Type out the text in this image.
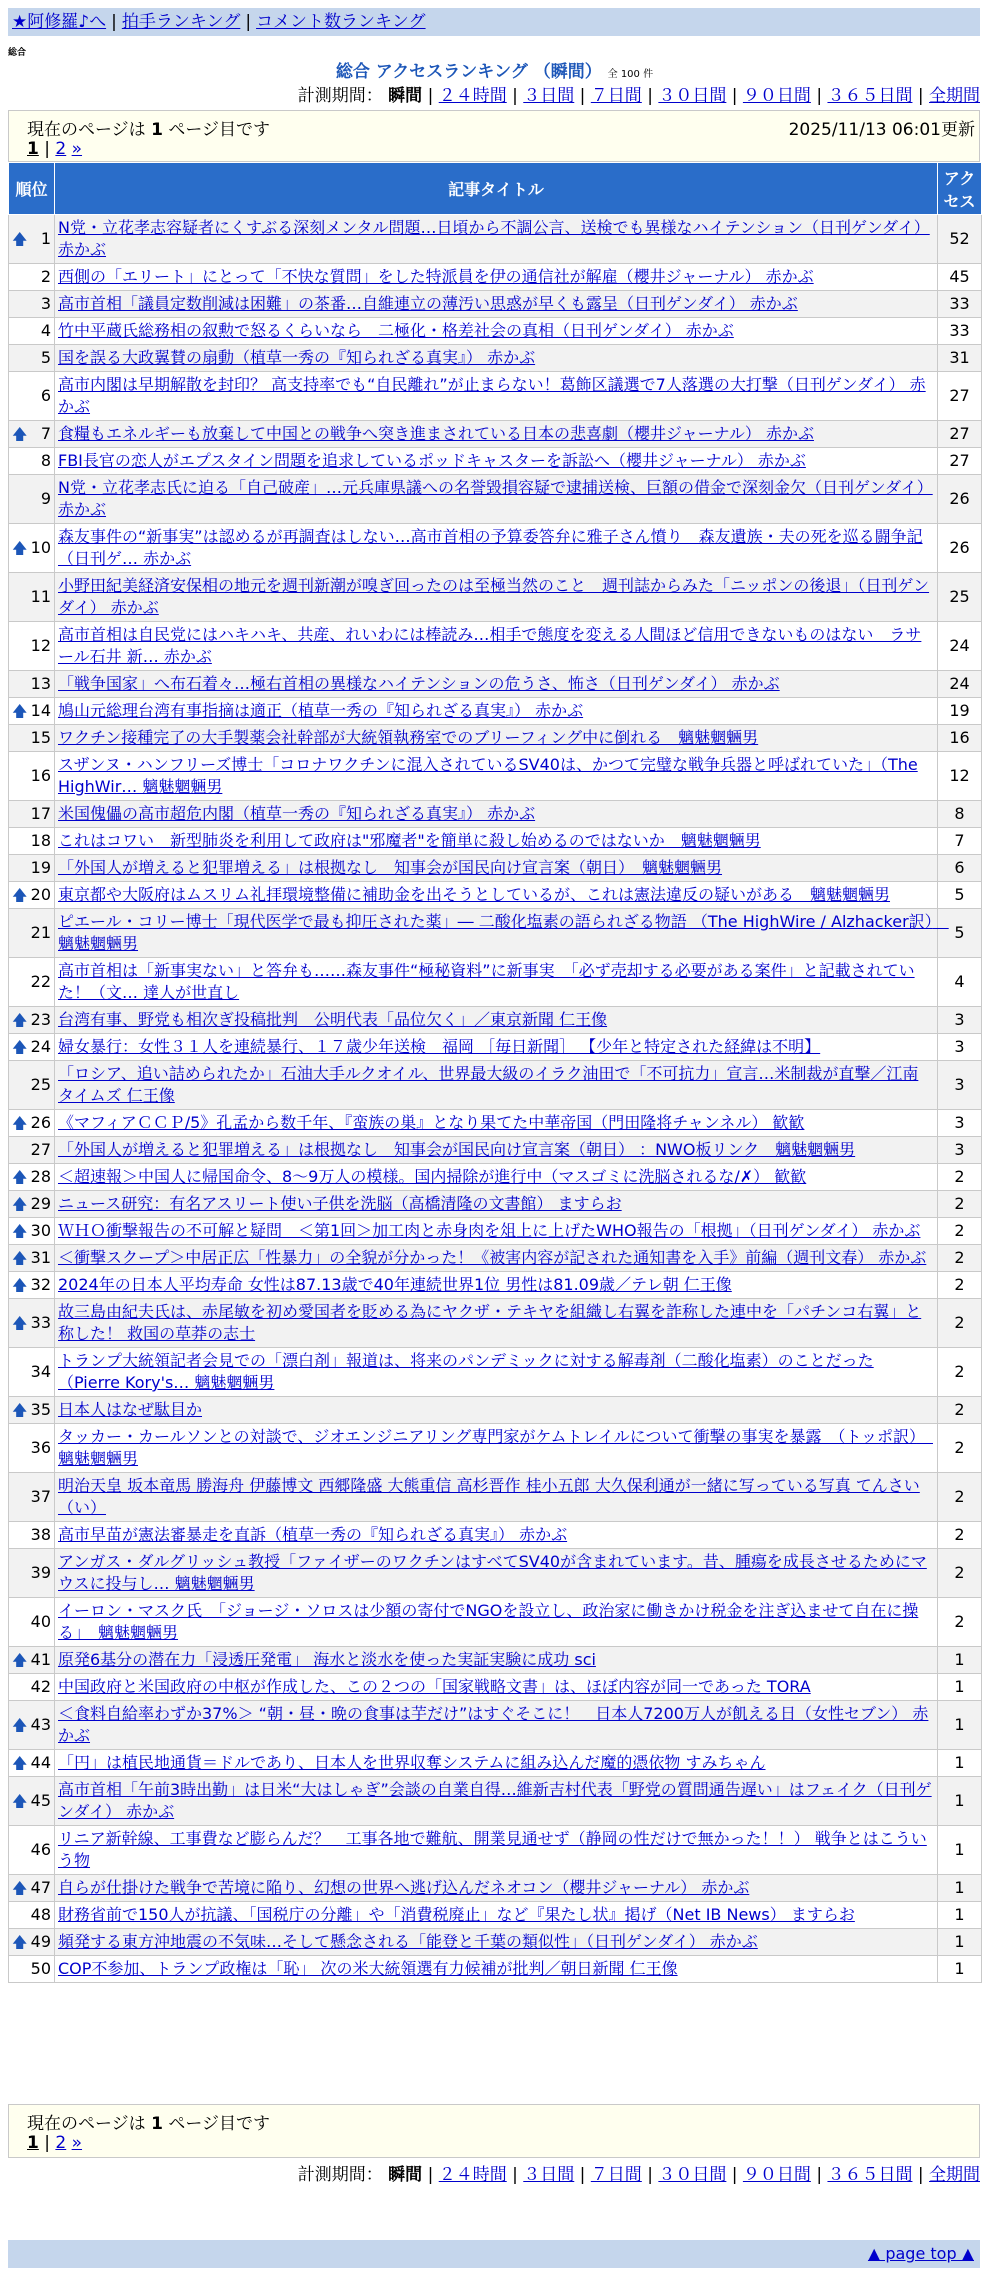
★阿修羅♪へ | 拍手ランキング | コメント数ランキング
総合
総合 アクセスランキング （瞬間） 全 100 件
計測期間： 瞬間 | ２４時間 | ３日間 | ７日間 | ３０日間 | ９０日間 | ３６５日間 | 全期間
現在のページは 1 ページ目です	2025/11/13 06:01更新
1 | 2 »
順位	記事タイトル	アクセス

🡅 1	N党・立花孝志容疑者にくすぶる深刻メンタル問題…日頃から不調公言、送検でも異様なハイテンション（日刊ゲンダイ） 赤かぶ	52
2	西側の「エリート」にとって「不快な質問」をした特派員を伊の通信社が解雇（櫻井ジャーナル） 赤かぶ	45
3	高市首相「議員定数削減は困難」の茶番…自維連立の薄汚い思惑が早くも露呈（日刊ゲンダイ） 赤かぶ	33
4	竹中平蔵氏総務相の叙勲で怒るくらいなら　二極化・格差社会の真相（日刊ゲンダイ） 赤かぶ	33
5	国を誤る大政翼賛の扇動（植草一秀の『知られざる真実』） 赤かぶ	31
6	高市内閣は早期解散を封印？ 高支持率でも“自民離れ”が止まらない！葛飾区議選で7人落選の大打撃（日刊ゲンダイ） 赤かぶ	27

🡅 7	食糧もエネルギーも放棄して中国との戦争へ突き進まされている日本の悲喜劇（櫻井ジャーナル） 赤かぶ	27
8	FBI長官の恋人がエプスタイン問題を追求しているポッドキャスターを訴訟へ（櫻井ジャーナル） 赤かぶ	27
9	N党・立花孝志氏に迫る「自己破産」…元兵庫県議への名誉毀損容疑で逮捕送検、巨額の借金で深刻金欠（日刊ゲンダイ） 赤かぶ	26

🡅 10	森友事件の“新事実”は認めるが再調査はしない…高市首相の予算委答弁に雅子さん憤り　森友遺族・夫の死を巡る闘争記（日刊ゲ… 赤かぶ	26
11	小野田紀美経済安保相の地元を週刊新潮が嗅ぎ回ったのは至極当然のこと　週刊誌からみた「ニッポンの後退」（日刊ゲンダイ） 赤かぶ	25
12	高市首相は自民党にはハキハキ、共産、れいわには棒読み…相手で態度を変える人間ほど信用できないものはない　ラサール石井 新… 赤かぶ	24
13	「戦争国家」へ布石着々…極右首相の異様なハイテンションの危うさ、怖さ（日刊ゲンダイ） 赤かぶ	24

🡅 14	鳩山元総理台湾有事指摘は適正（植草一秀の『知られざる真実』） 赤かぶ	19
15	ワクチン接種完了の大手製薬会社幹部が大統領執務室でのブリーフィング中に倒れる　魑魅魍魎男	16
16	スザンヌ・ハンフリーズ博士「コロナワクチンに混入されているSV40は、かつて完璧な戦争兵器と呼ばれていた」（The HighWir… 魑魅魍魎男	12
17	米国傀儡の高市超危内閣（植草一秀の『知られざる真実』） 赤かぶ	8
18	これはコワい　新型肺炎を利用して政府は"邪魔者"を簡単に殺し始めるのではないか　魑魅魍魎男	7
19	「外国人が増えると犯罪増える」は根拠なし　知事会が国民向け宣言案（朝日）　魑魅魍魎男	6

🡅 20	東京都や大阪府はムスリム礼拝環境整備に補助金を出そうとしているが、これは憲法違反の疑いがある　魑魅魍魎男	5
21	ピエール・コリー博士「現代医学で最も抑圧された薬」― 二酸化塩素の語られざる物語 （The HighWire / Alzhacker訳）　魑魅魍魎男	5
22	高市首相は「新事実ない」と答弁も……森友事件“極秘資料”に新事実　「必ず売却する必要がある案件」と記載されていた！（文… 達人が世直し	4

🡅 23	台湾有事、野党も相次ぎ投稿批判　公明代表「品位欠く」／東京新聞 仁王像	3

🡅 24	婦女暴行：女性３１人を連続暴行、１７歳少年送検　福岡 ［毎日新聞］ 【少年と特定された経緯は不明】	3
25	「ロシア、追い詰められたか」石油大手ルクオイル、世界最大級のイラク油田で「不可抗力」宣言…米制裁が直撃／江南タイムズ 仁王像	3

🡅 26	《マフィアＣＣＰ/5》孔孟から数千年、『蛮族の巣』となり果てた中華帝国（門田隆将チャンネル） 歓歓	3
27	「外国人が増えると犯罪増える」は根拠なし　知事会が国民向け宣言案（朝日） ：NWO板リンク　魑魅魍魎男	3

🡅 28	＜超速報＞中国人に帰国命令、8～9万人の模様。国内掃除が進行中（マスゴミに洗脳されるな/✗） 歓歓	2

🡅 29	ニュース研究：有名アスリート使い子供を洗脳（高橋清隆の文書館） ますらお	2

🡅 30	ＷＨＯ衝撃報告の不可解と疑問　＜第1回＞加工肉と赤身肉を俎上に上げたWHO報告の「根拠」（日刊ゲンダイ） 赤かぶ	2

🡅 31	＜衝撃スクープ＞中居正広「性暴力」の全貌が分かった！《被害内容が記された通知書を入手》前編（週刊文春） 赤かぶ	2

🡅 32	2024年の日本人平均寿命 女性は87.13歳で40年連続世界1位 男性は81.09歳／テレ朝 仁王像	2

🡅 33	故三島由紀夫氏は、赤尾敏を初め愛国者を貶める為にヤクザ・テキヤを組織し右翼を詐称した連中を「パチンコ右翼」と称した！ 救国の草莽の志士	2
34	トランプ大統領記者会見での「漂白剤」報道は、将来のパンデミックに対する解毒剤（二酸化塩素）のことだった（Pierre Kory's… 魑魅魍魎男	2

🡅 35	日本人はなぜ駄目か	2
36	タッカー・カールソンとの対談で、ジオエンジニアリング専門家がケムトレイルについて衝撃の事実を暴露　（トッポ訳）　魑魅魍魎男	2
37	明治天皇 坂本竜馬 勝海舟 伊藤博文 西郷隆盛 大熊重信 高杉晋作 桂小五郎 大久保利通が一緒に写っている写真 てんさい（い）	2
38	高市早苗が憲法審暴走を直訴（植草一秀の『知られざる真実』） 赤かぶ	2
39	アンガス・ダルグリッシュ教授「ファイザーのワクチンはすべてSV40が含まれています。昔、腫瘍を成長させるためにマウスに投与し… 魑魅魍魎男	2
40	イーロン・マスク氏　「ジョージ・ソロスは少額の寄付でNGOを設立し、政治家に働きかけ税金を注ぎ込ませて自在に操る」　魑魅魍魎男	2

🡅 41	原発6基分の潜在力「浸透圧発電」 海水と淡水を使った実証実験に成功 sci	1
42	中国政府と米国政府の中枢が作成した、この２つの「国家戦略文書」は、ほぼ内容が同一であった TORA	1

🡅 43	＜食料自給率わずか37%＞ “朝・昼・晩の食事は芋だけ”はすぐそこに！　日本人7200万人が飢える日（女性セブン） 赤かぶ	1

🡅 44	「円」は植民地通貨＝ドルであり、日本人を世界収奪システムに組み込んだ魔的憑依物 すみちゃん	1

🡅 45	高市首相「午前3時出勤」は日米“大はしゃぎ”会談の自業自得…維新吉村代表「野党の質問通告遅い」はフェイク（日刊ゲンダイ） 赤かぶ	1
46	リニア新幹線、工事費など膨らんだ？　工事各地で難航、開業見通せず（静岡の性だけで無かった！！） 戦争とはこういう物	1

🡅 47	自らが仕掛けた戦争で苦境に陥り、幻想の世界へ逃げ込んだネオコン（櫻井ジャーナル） 赤かぶ	1
48	財務省前で150人が抗議、「国税庁の分離」や「消費税廃止」など『果たし状』掲げ（Net IB News） ますらお	1

🡅 49	頻発する東方沖地震の不気味…そして懸念される「能登と千葉の類似性」（日刊ゲンダイ） 赤かぶ	1
50	COP不参加、トランプ政権は「恥」 次の米大統領選有力候補が批判／朝日新聞 仁王像	1
現在のページは 1 ページ目です
1 | 2 »
計測期間： 瞬間 | ２４時間 | ３日間 | ７日間 | ３０日間 | ９０日間 | ３６５日間 | 全期間
▲ page top ▲
